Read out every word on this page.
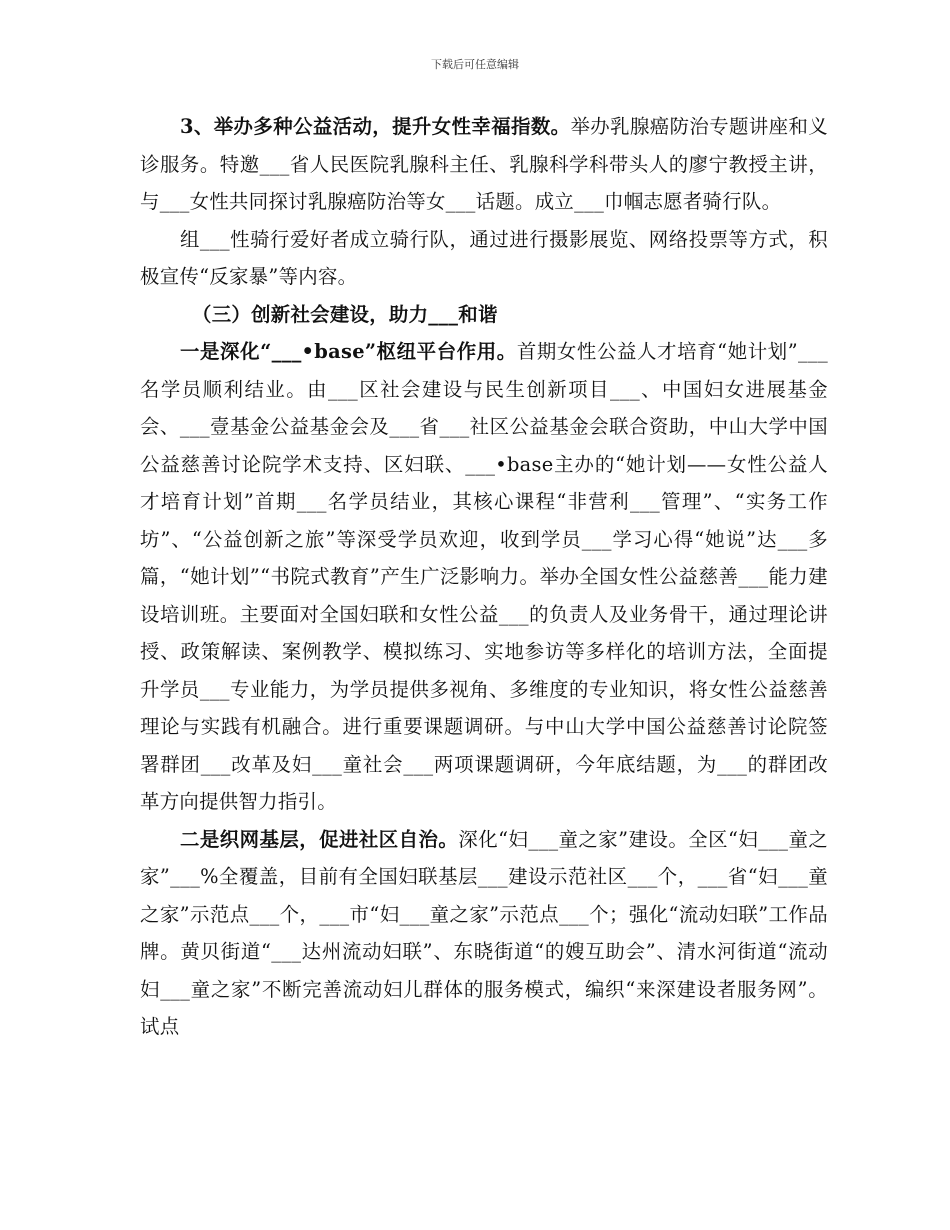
下载后可任意编辑

3、举办多种公益活动，提升女性幸福指数。举办乳腺癌防治专题讲座和义诊服务。特邀___省人民医院乳腺科主任、乳腺科学科带头人的廖宁教授主讲，与___女性共同探讨乳腺癌防治等女___话题。成立___巾帼志愿者骑行队。

组___性骑行爱好者成立骑行队，通过进行摄影展览、网络投票等方式，积极宣传“反家暴”等内容。

（三）创新社会建设，助力___和谐

一是深化“___•base”枢纽平台作用。首期女性公益人才培育“她计划”___名学员顺利结业。由___区社会建设与民生创新项目___、中国妇女进展基金会、___壹基金公益基金会及___省___社区公益基金会联合资助，中山大学中国公益慈善讨论院学术支持、区妇联、___•base主办的“她计划——女性公益人才培育计划”首期___名学员结业，其核心课程“非营利___管理”、“实务工作坊”、“公益创新之旅”等深受学员欢迎，收到学员___学习心得“她说”达___多篇，“她计划”“书院式教育”产生广泛影响力。举办全国女性公益慈善___能力建设培训班。主要面对全国妇联和女性公益___的负责人及业务骨干，通过理论讲授、政策解读、案例教学、模拟练习、实地参访等多样化的培训方法，全面提升学员___专业能力，为学员提供多视角、多维度的专业知识，将女性公益慈善理论与实践有机融合。进行重要课题调研。与中山大学中国公益慈善讨论院签署群团___改革及妇___童社会___两项课题调研，今年底结题，为___的群团改革方向提供智力指引。

二是织网基层，促进社区自治。深化“妇___童之家”建设。全区“妇___童之家”___%全覆盖，目前有全国妇联基层___建设示范社区___个，___省“妇___童之家”示范点___个，___市“妇___童之家”示范点___个；强化“流动妇联”工作品牌。黄贝街道“___达州流动妇联”、东晓街道“的嫂互助会”、清水河街道“流动妇___童之家”不断完善流动妇儿群体的服务模式，编织“来深建设者服务网”。试点
